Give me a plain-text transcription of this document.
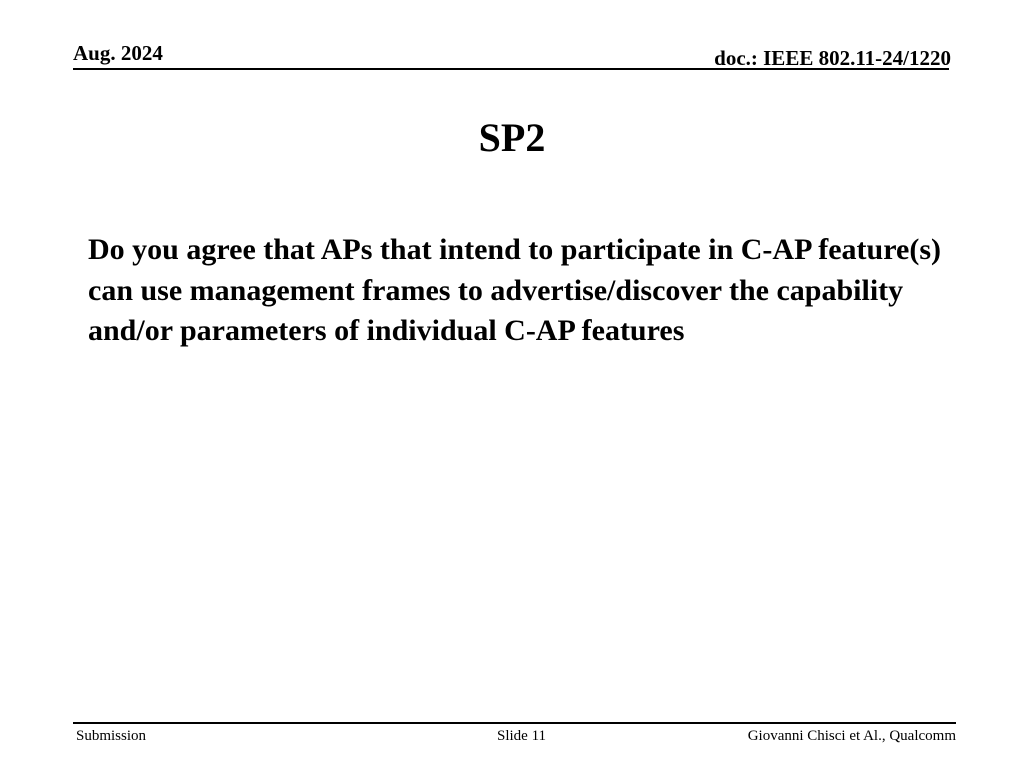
Aug. 2024	doc.: IEEE 802.11-24/1220
SP2

Do you agree that APs that intend to participate in C-AP feature(s) can use management frames to advertise/discover the capability and/or parameters of individual C-AP features

Submission	Slide 11	Giovanni Chisci et Al., Qualcomm
